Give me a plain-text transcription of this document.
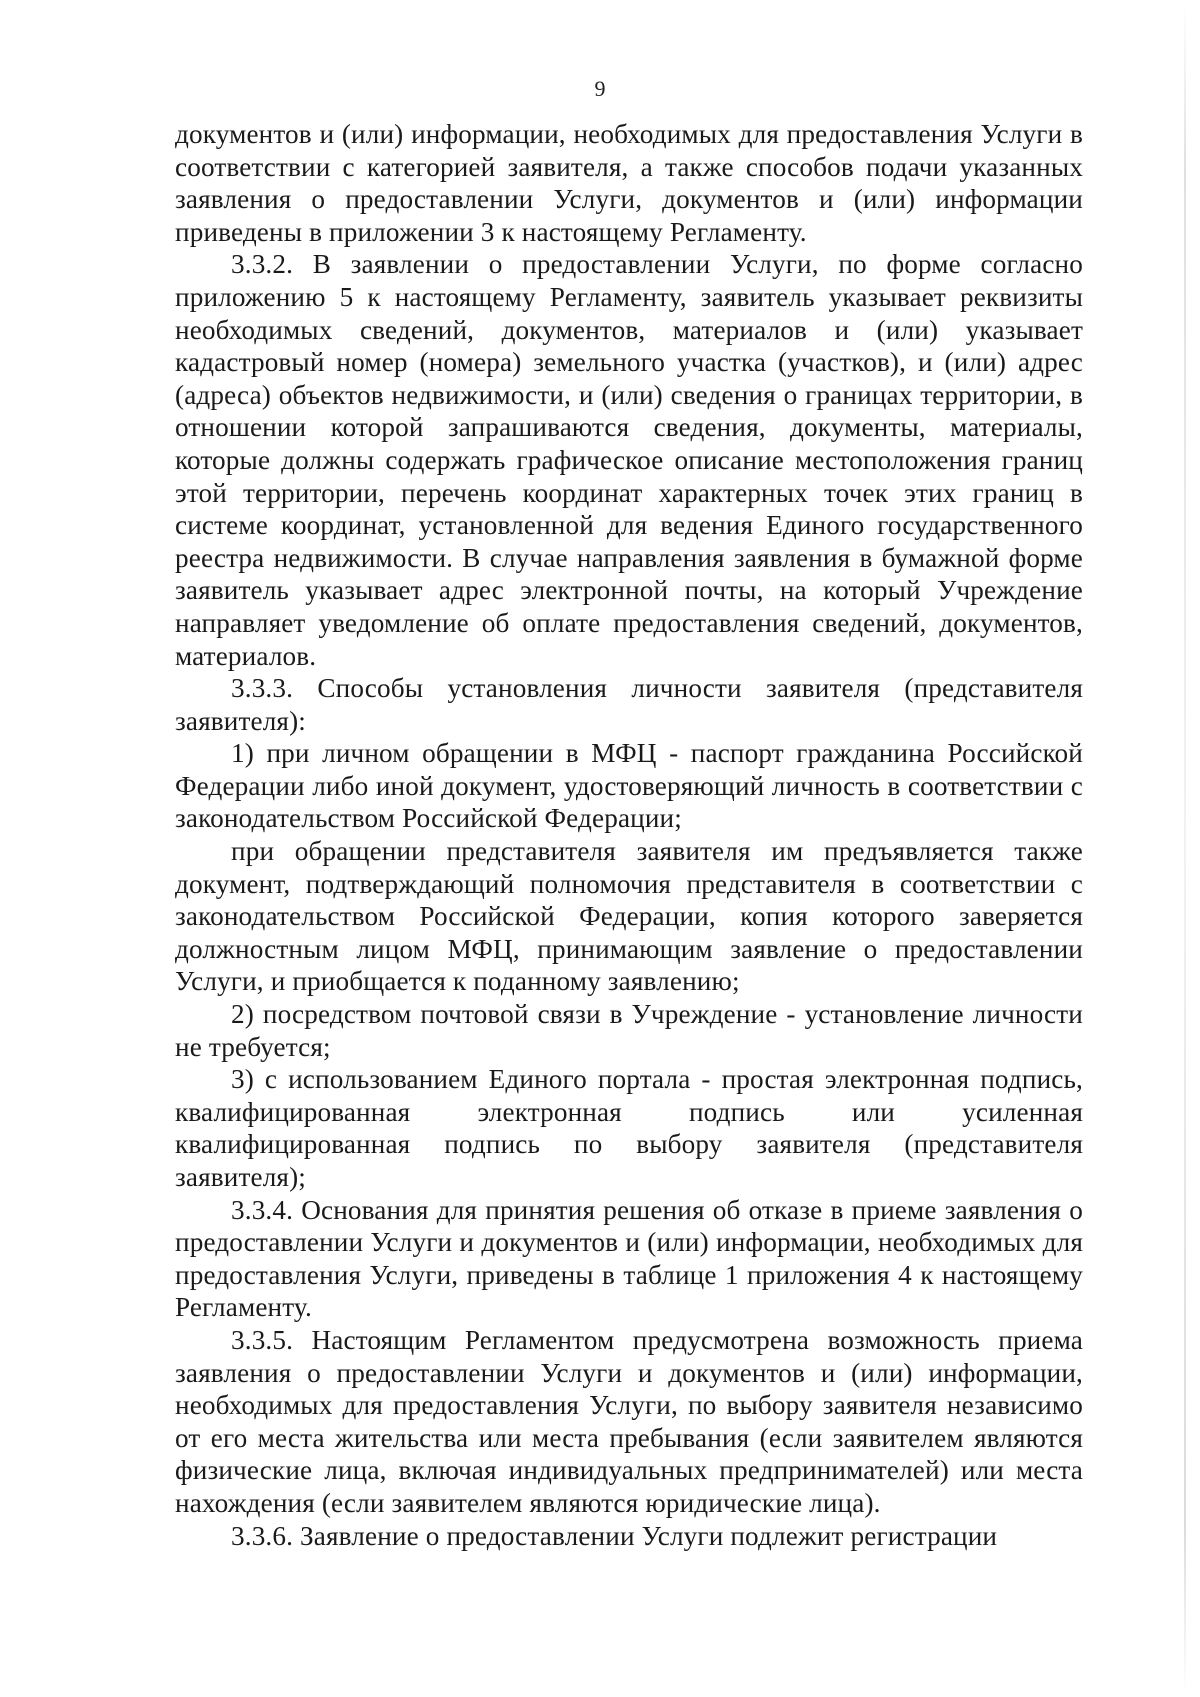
9

документов и (или) информации, необходимых для предоставления Услуги в соответствии с категорией заявителя, а также способов подачи указанных заявления о предоставлении Услуги, документов и (или) информации приведены в приложении 3 к настоящему Регламенту.

3.3.2. В заявлении о предоставлении Услуги, по форме согласно приложению 5 к настоящему Регламенту, заявитель указывает реквизиты необходимых сведений, документов, материалов и (или) указывает кадастровый номер (номера) земельного участка (участков), и (или) адрес (адреса) объектов недвижимости, и (или) сведения о границах территории, в отношении которой запрашиваются сведения, документы, материалы, которые должны содержать графическое описание местоположения границ этой территории, перечень координат характерных точек этих границ в системе координат, установленной для ведения Единого государственного реестра недвижимости. В случае направления заявления в бумажной форме заявитель указывает адрес электронной почты, на который Учреждение направляет уведомление об оплате предоставления сведений, документов, материалов.

3.3.3. Способы установления личности заявителя (представителя заявителя):

1) при личном обращении в МФЦ - паспорт гражданина Российской Федерации либо иной документ, удостоверяющий личность в соответствии с законодательством Российской Федерации;

при обращении представителя заявителя им предъявляется также документ, подтверждающий полномочия представителя в соответствии с законодательством Российской Федерации, копия которого заверяется должностным лицом МФЦ, принимающим заявление о предоставлении Услуги, и приобщается к поданному заявлению;

2) посредством почтовой связи в Учреждение - установление личности не требуется;

3) с использованием Единого портала - простая электронная подпись, квалифицированная электронная подпись или усиленная квалифицированная подпись по выбору заявителя (представителя заявителя);

3.3.4. Основания для принятия решения об отказе в приеме заявления о предоставлении Услуги и документов и (или) информации, необходимых для предоставления Услуги, приведены в таблице 1 приложения 4 к настоящему Регламенту.

3.3.5. Настоящим Регламентом предусмотрена возможность приема заявления о предоставлении Услуги и документов и (или) информации, необходимых для предоставления Услуги, по выбору заявителя независимо от его места жительства или места пребывания (если заявителем являются физические лица, включая индивидуальных предпринимателей) или места нахождения (если заявителем являются юридические лица).

3.3.6. Заявление о предоставлении Услуги подлежит регистрации
